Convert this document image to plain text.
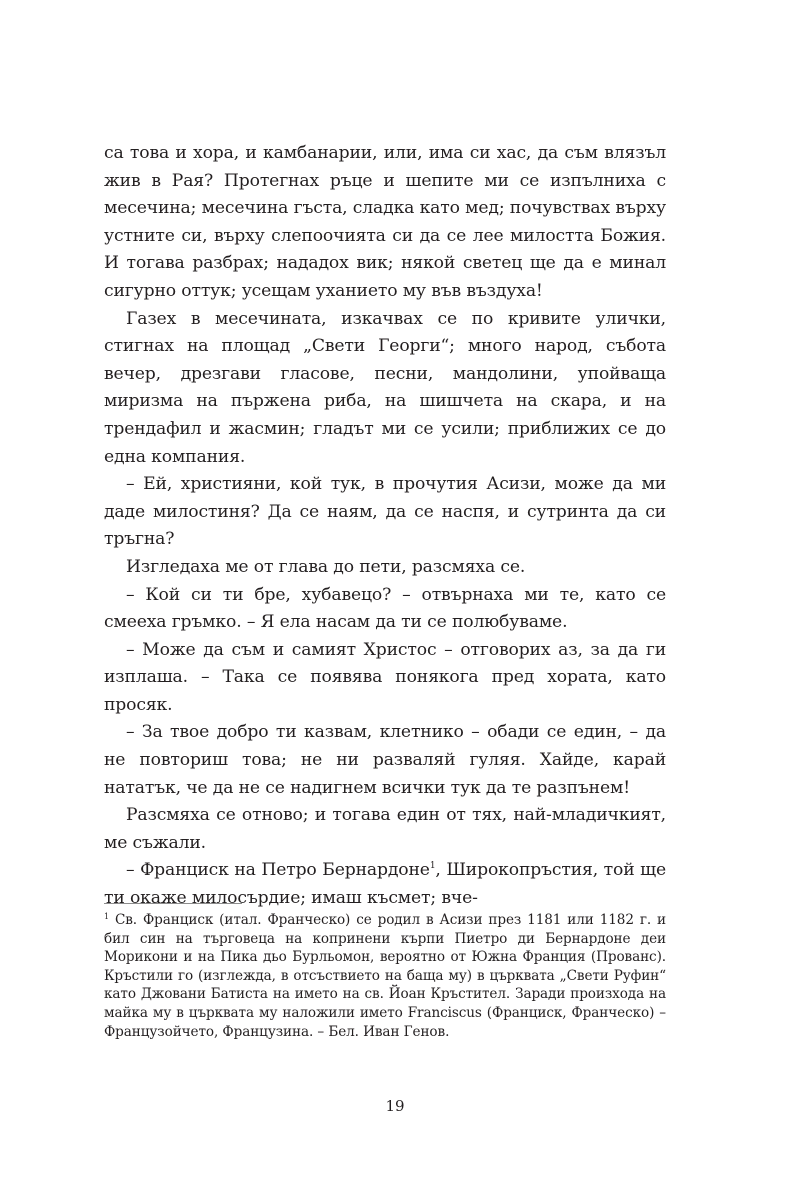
са това и хора, и камбанарии, или, има си хас, да съм влязъл жив в Рая? Протегнах ръце и шепите ми се изпълниха с месечина; месечина гъста, сладка като мед; почувствах върху устните си, върху слепоочията си да се лее милостта Божия. И тогава разбрах; нададох вик; някой светец ще да е минал сигурно оттук; усещам уханието му във въздуха!

Газех в месечината, изкачвах се по кривите улички, стигнах на площад „Свети Георги“; много народ, събота вечер, дрезгави гласове, песни, мандолини, упойваща миризма на пържена риба, на шишчета на скара, и на трендафил и жасмин; гладът ми се усили; приближих се до една компания.

– Ей, християни, кой тук, в прочутия Асизи, може да ми даде милостиня? Да се наям, да се наспя, и сутринта да си тръгна?

Изгледаха ме от глава до пети, разсмяха се.

– Кой си ти бре, хубавецо? – отвърнаха ми те, като се смееха гръмко. – Я ела насам да ти се полюбуваме.

– Може да съм и самият Христос – отговорих аз, за да ги изплаша. – Така се появява понякога пред хората, като просяк.

– За твое добро ти казвам, клетнико – обади се един, – да не повториш това; не ни разваляй гуляя. Хайде, карай нататък, че да не се надигнем всички тук да те разпънем!

Разсмяха се отново; и тогава един от тях, най-младичкият, ме съжали.

– Франциск на Петро Бернардоне$^1$, Широкопръстия, той ще ти окаже милосърдие; имаш късмет; вче-

$^1$ Св. Франциск (итал. Франческо) се родил в Асизи през 1181 или 1182 г. и бил син на търговеца на копринени кърпи Пиетро ди Бернардоне деи Морикони и на Пика дьо Бурльомон, вероятно от Южна Франция (Прованс). Кръстили го (изглежда, в отсъствието на баща му) в църквата „Свети Руфин“ като Джовани Батиста на името на св. Йоан Кръстител. Заради произхода на майка му в църквата му наложили името Franciscus (Франциск, Франческо) – Французойчето, Французина. – Бел. Иван Генов.
19
